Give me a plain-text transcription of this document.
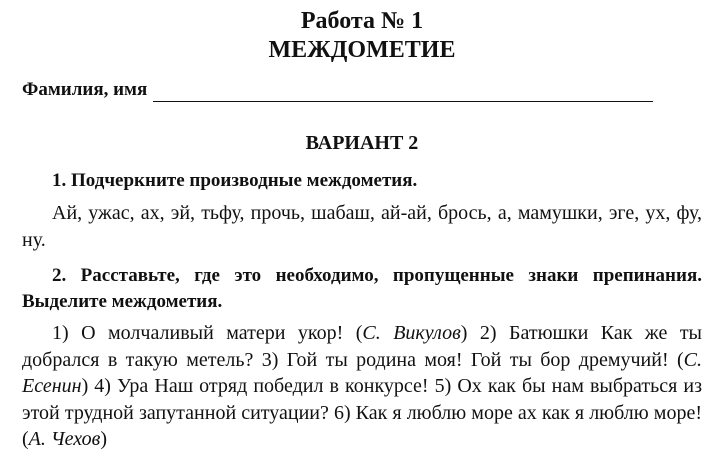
Работа № 1
МЕЖДОМЕТИЕ
Фамилия, имя
ВАРИАНТ 2

1. Подчеркните производные междометия.

Ай, ужас, ах, эй, тьфу, прочь, шабаш, ай-ай, брось, а, мамушки, эге, ух, фу, ну.

2. Расставьте, где это необходимо, пропущенные знаки препинания. Выделите междометия.

1) О молчаливый матери укор! (С. Викулов) 2) Батюшки Как же ты добрался в такую метель? 3) Гой ты родина моя! Гой ты бор дремучий! (С. Есенин) 4) Ура Наш отряд победил в конкурсе! 5) Ох как бы нам выбраться из этой трудной запутанной ситуации? 6) Как я люблю море ах как я люблю море! (А. Чехов)
